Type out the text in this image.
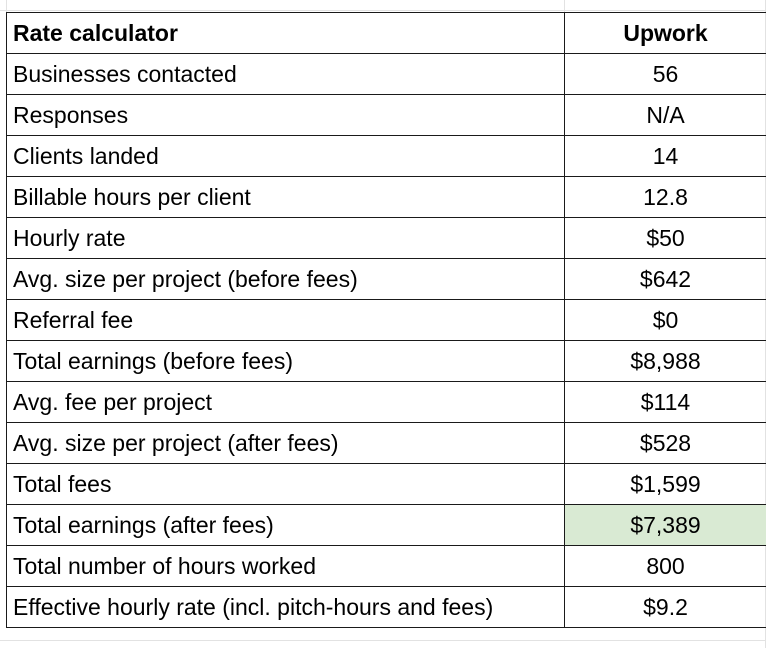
Rate calculator	Upwork
Businesses contacted	56
Responses	N/A
Clients landed	14
Billable hours per client	12.8
Hourly rate	$50
Avg. size per project (before fees)	$642
Referral fee	$0
Total earnings (before fees)	$8,988
Avg. fee per project	$114
Avg. size per project (after fees)	$528
Total fees	$1,599
Total earnings (after fees)	$7,389
Total number of hours worked	800
Effective hourly rate (incl. pitch-hours and fees)	$9.2
